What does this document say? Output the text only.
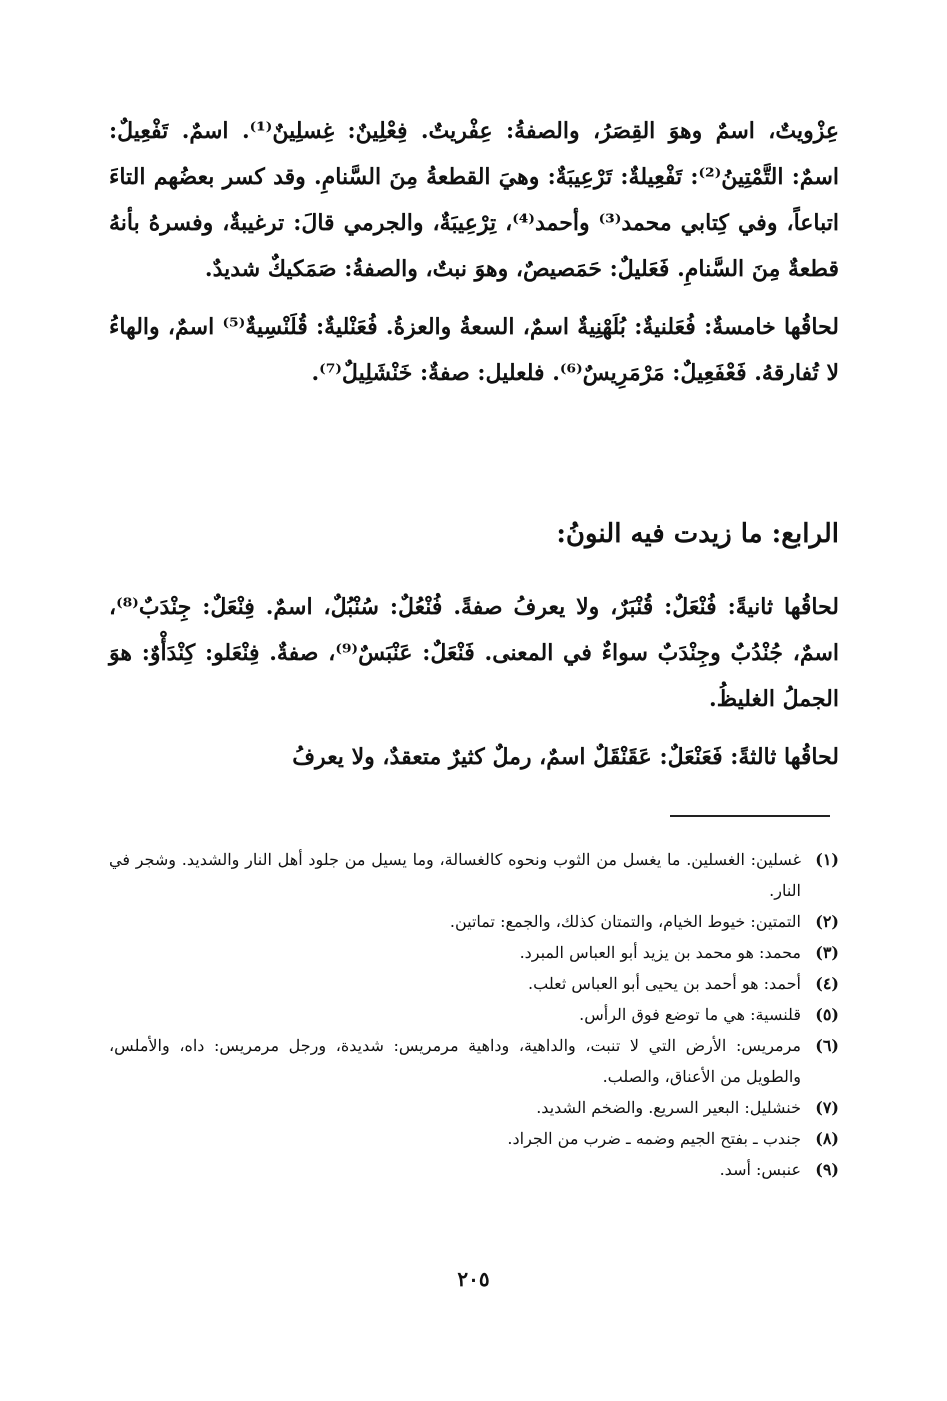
عِزْويتٌ، اسمٌ وهوَ القِصَرُ، والصفةُ: عِفْريتٌ. فِعْلِينٌ: غِسلِينٌ⁽¹⁾. اسمٌ. تَفْعِيلٌ: اسمٌ: التَّمْتِينُ⁽²⁾: تَفْعِيلةٌ: تَرْعِيبَةٌ: وهيَ القطعةُ مِنَ السَّنامِ. وقد كسر بعضُهم التاءَ اتباعاً، وفي كِتابي محمد⁽³⁾ وأحمد⁽⁴⁾، تِرْعِيبَةٌ، والجرمي قالَ: ترغيبةٌ، وفسرهُ بأنهُ قطعةٌ مِنَ السَّنامِ. فَعَليلٌ: حَمَصيصٌ، وهوَ نبتٌ، والصفةُ: صَمَكيكٌ شديدٌ.

لحاقُها خامسةٌ: فُعَلنيةٌ: بُلَهْنِيةٌ اسمٌ، السعةُ والعزةُ. فُعَنْليةٌ: قُلَنْسِيةٌ⁽⁵⁾ اسمٌ، والهاءُ لا تُفارقهُ. فَعْفَعِيلٌ: مَرْمَرِيسٌ⁽⁶⁾. فلعليل: صفةٌ: خَنْشَلِيلٌ⁽⁷⁾.

الرابع: ما زيدت فيه النونُ:

لحاقُها ثانيةً: فُنْعَلٌ: قُنْبَرٌ، ولا يعرفُ صفةً. فُنْعُلٌ: سُنْبُلٌ، اسمٌ. فِنْعَلٌ: جِنْدَبٌ⁽⁸⁾، اسمٌ، جُنْدُبٌ وجِنْدَبٌ سواءٌ في المعنى. فَنْعَلٌ: عَنْبَسٌ⁽⁹⁾، صفةٌ. فِنْعَلو: كِنْدَأْوٌ: هوَ الجملُ الغليظُ.

لحاقُها ثالثةً: فَعَنْعَلٌ: عَقَنْقَلٌ اسمٌ، رملٌ كثيرٌ متعقدٌ، ولا يعرفُ

(١)
غسلين: الغسلين. ما يغسل من الثوب ونحوه كالغسالة، وما يسيل من جلود أهل النار والشديد. وشجر في النار.
(٢)
التمتين: خيوط الخيام، والتمتان كذلك، والجمع: تماتين.
(٣)
محمد: هو محمد بن يزيد أبو العباس المبرد.
(٤)
أحمد: هو أحمد بن يحيى أبو العباس ثعلب.
(٥)
قلنسية: هي ما توضع فوق الرأس.
(٦)
مرمريس: الأرض التي لا تنبت، والداهية، وداهية مرمريس: شديدة، ورجل مرمريس: داه، والأملس، والطويل من الأعناق، والصلب.
(٧)
خنشليل: البعير السريع. والضخم الشديد.
(٨)
جندب ـ بفتح الجيم وضمه ـ ضرب من الجراد.
(٩)
عنبس: أسد.
٢٠٥
